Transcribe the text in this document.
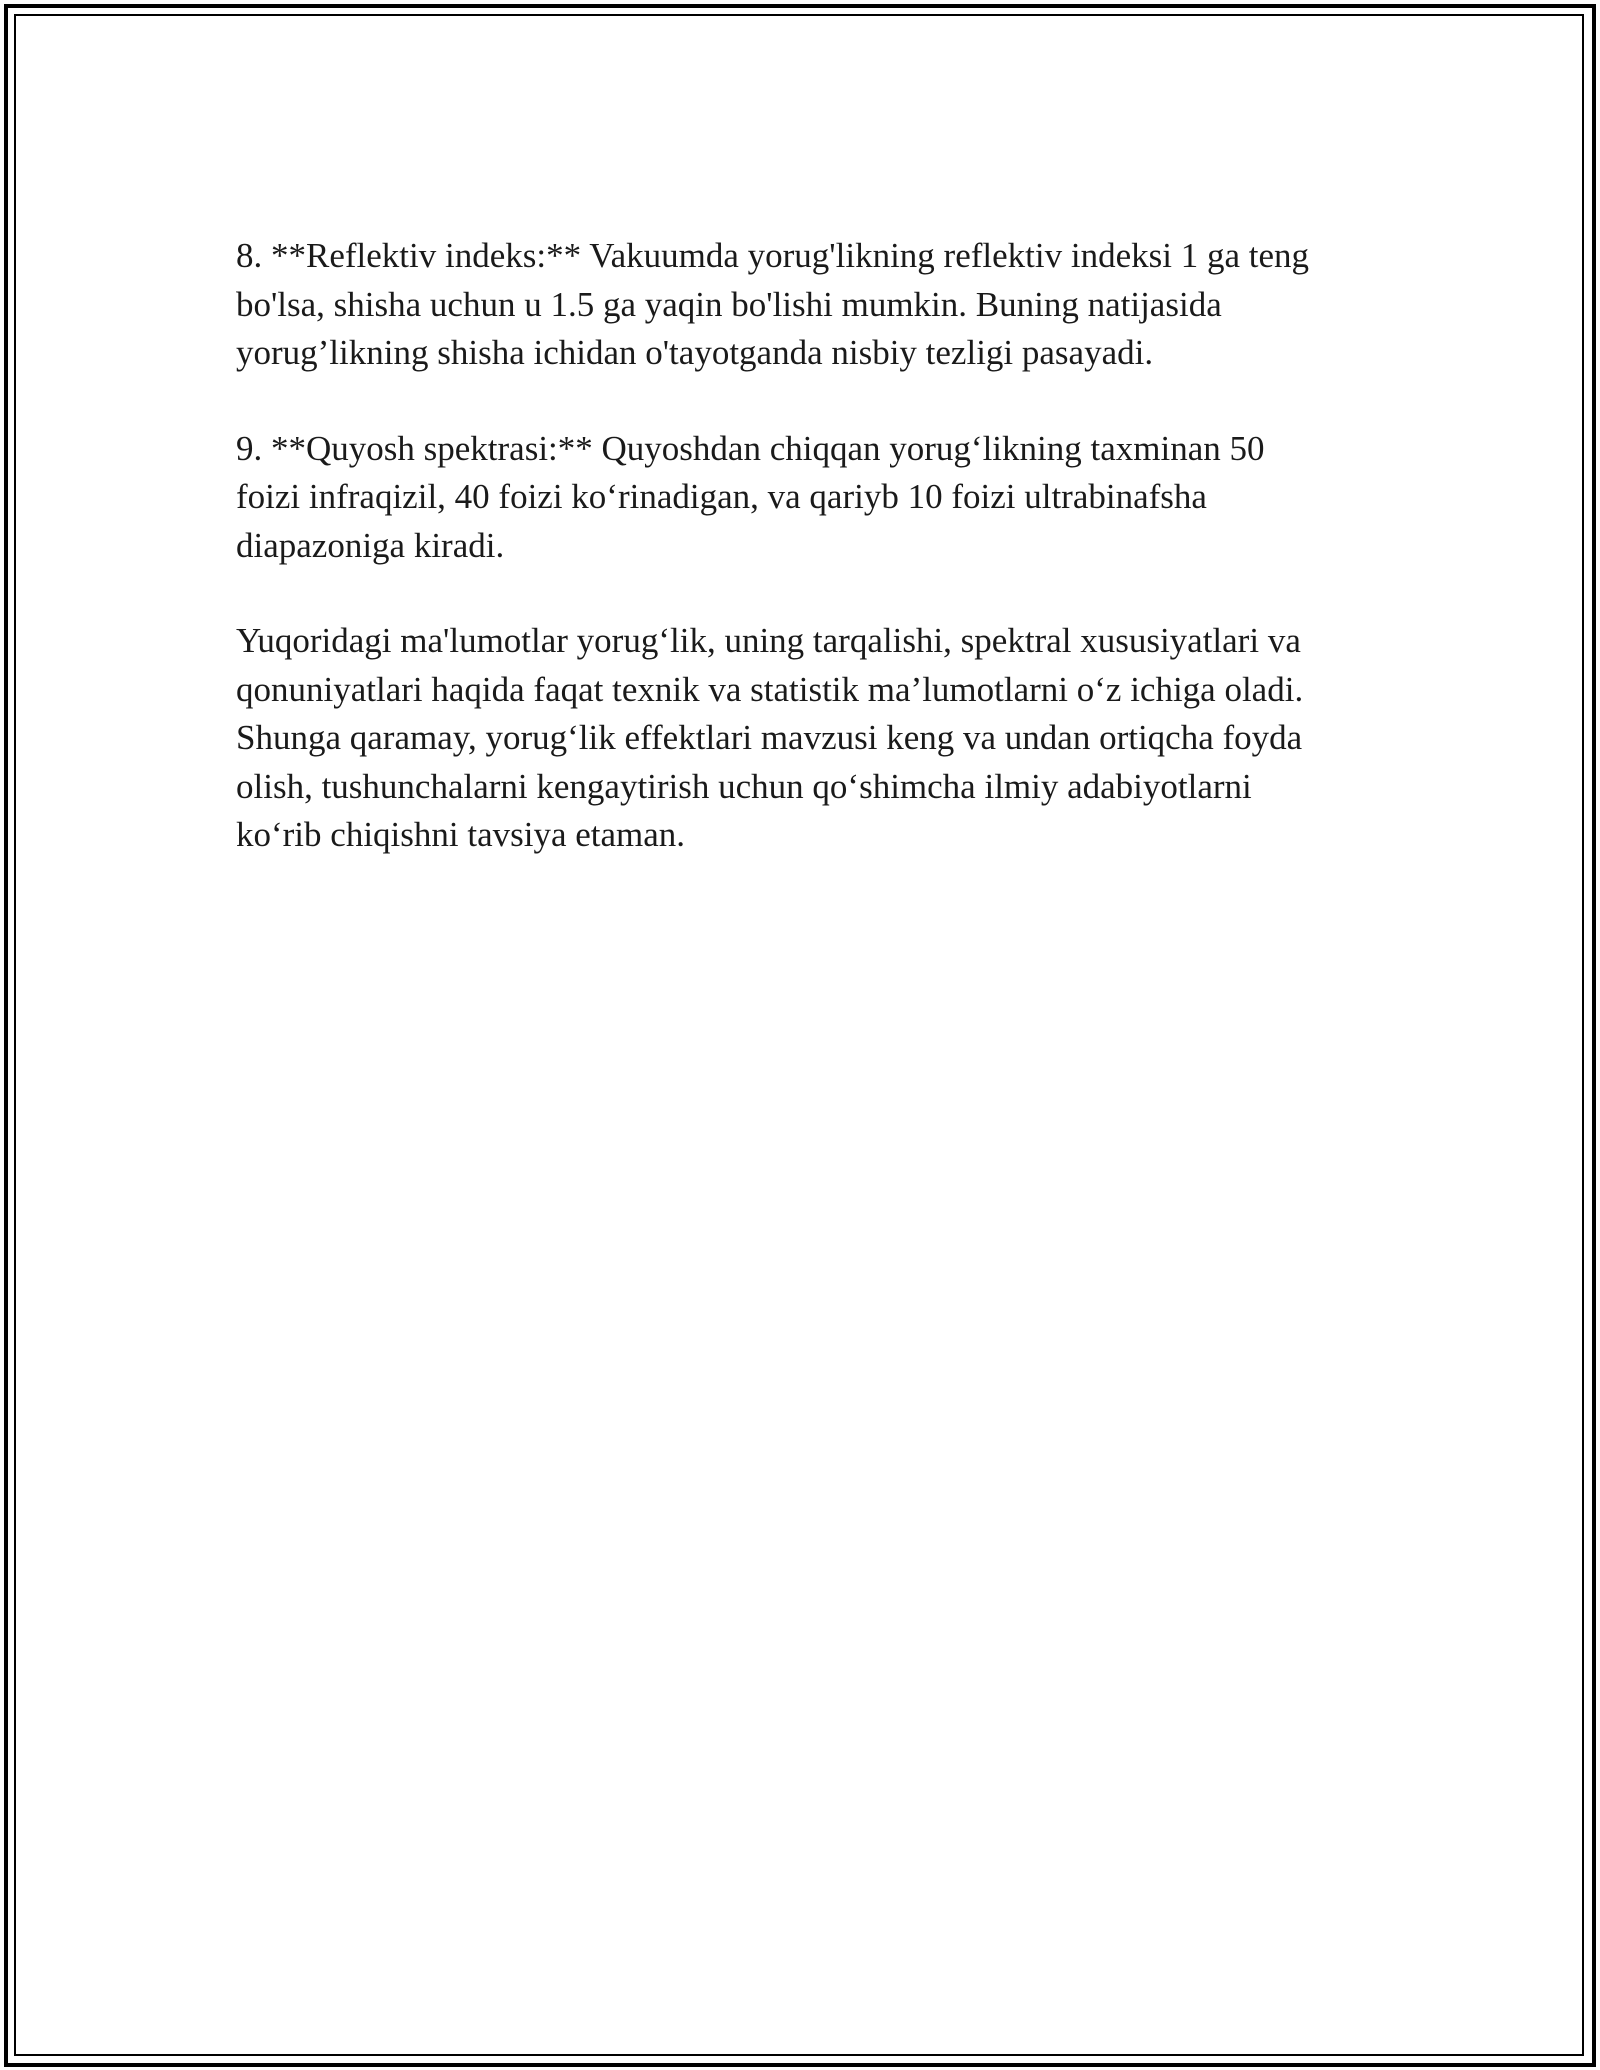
8. **Reflektiv indeks:** Vakuumda yorug'likning reflektiv indeksi 1 ga teng
bo'lsa, shisha uchun u 1.5 ga yaqin bo'lishi mumkin. Buning natijasida
yorug’likning shisha ichidan o'tayotganda nisbiy tezligi pasayadi.

9. **Quyosh spektrasi:** Quyoshdan chiqqan yorug‘likning taxminan 50
foizi infraqizil, 40 foizi ko‘rinadigan, va qariyb 10 foizi ultrabinafsha
diapazoniga kiradi.

Yuqoridagi ma'lumotlar yorug‘lik, uning tarqalishi, spektral xususiyatlari va
qonuniyatlari haqida faqat texnik va statistik ma’lumotlarni o‘z ichiga oladi.
Shunga qaramay, yorug‘lik effektlari mavzusi keng va undan ortiqcha foyda
olish, tushunchalarni kengaytirish uchun qo‘shimcha ilmiy adabiyotlarni
ko‘rib chiqishni tavsiya etaman.
